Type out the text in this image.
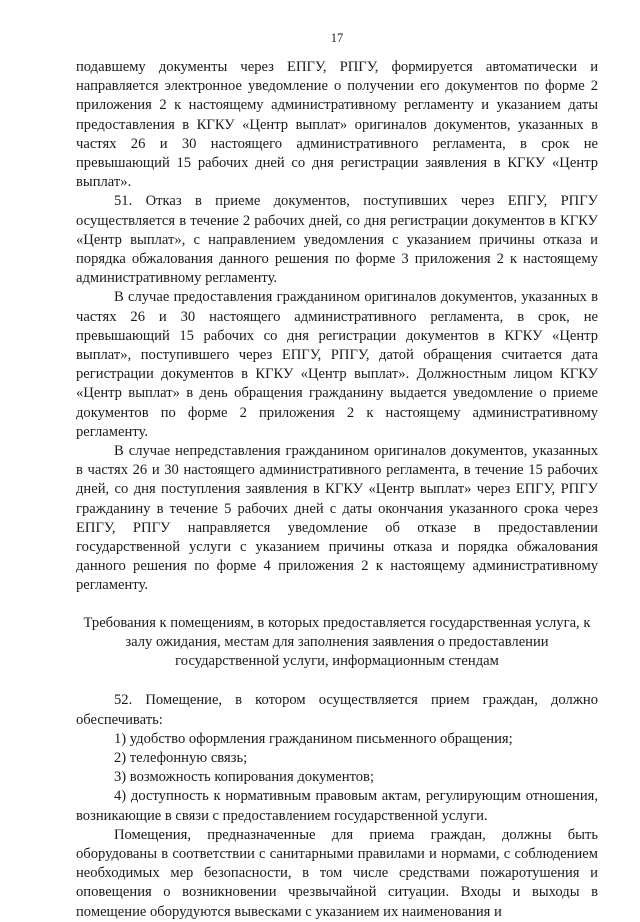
17

подавшему документы через ЕПГУ, РПГУ, формируется автоматически и направляется электронное уведомление о получении его документов по форме 2 приложения 2 к настоящему административному регламенту и указанием даты предоставления в КГКУ «Центр выплат» оригиналов документов, указанных в частях 26 и 30 настоящего административного регламента, в срок не превышающий 15 рабочих дней со дня регистрации заявления в КГКУ «Центр выплат».

51. Отказ в приеме документов, поступивших через ЕПГУ, РПГУ осуществляется в течение 2 рабочих дней, со дня регистрации документов в КГКУ «Центр выплат», с направлением уведомления с указанием причины отказа и порядка обжалования данного решения по форме 3 приложения 2 к настоящему административному регламенту.

В случае предоставления гражданином оригиналов документов, указанных в частях 26 и 30 настоящего административного регламента, в срок, не превышающий 15 рабочих со дня регистрации документов в КГКУ «Центр выплат», поступившего через ЕПГУ, РПГУ, датой обращения считается дата регистрации документов в КГКУ «Центр выплат». Должностным лицом КГКУ «Центр выплат» в день обращения гражданину выдается уведомление о приеме документов по форме 2 приложения 2 к настоящему административному регламенту.

В случае непредставления гражданином оригиналов документов, указанных в частях 26 и 30 настоящего административного регламента, в течение 15 рабочих дней, со дня поступления заявления в КГКУ «Центр выплат» через ЕПГУ, РПГУ гражданину в течение 5 рабочих дней с даты окончания указанного срока через ЕПГУ, РПГУ направляется уведомление об отказе в предоставлении государственной услуги с указанием причины отказа и порядка обжалования данного решения по форме 4 приложения 2 к настоящему административному регламенту.

Требования к помещениям, в которых предоставляется государственная услуга, к залу ожидания, местам для заполнения заявления о предоставлении государственной услуги, информационным стендам

52. Помещение, в котором осуществляется прием граждан, должно обеспечивать:

1) удобство оформления гражданином письменного обращения;

2) телефонную связь;

3) возможность копирования документов;

4) доступность к нормативным правовым актам, регулирующим отношения, возникающие в связи с предоставлением государственной услуги.

Помещения, предназначенные для приема граждан, должны быть оборудованы в соответствии с санитарными правилами и нормами, с соблюдением необходимых мер безопасности, в том числе средствами пожаротушения и оповещения о возникновении чрезвычайной ситуации. Входы и выходы в помещение оборудуются вывесками с указанием их наименования и
